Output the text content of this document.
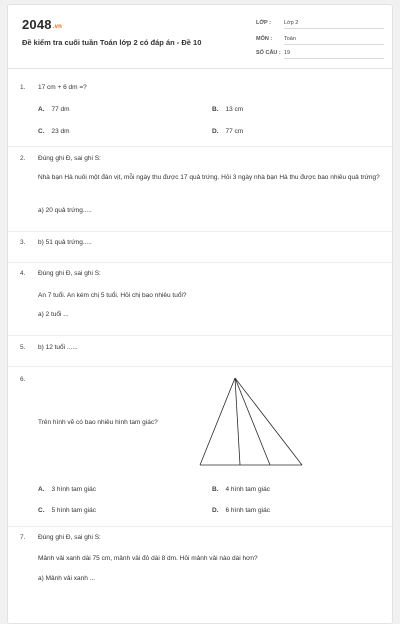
2048.vn
Đề kiểm tra cuối tuần Toán lớp 2 có đáp án - Đề 10
LỚP : Lớp 2
MÔN : Toán
SỐ CÂU : 19
1. 17 cm + 6 dm =?
A. 77 dm	B. 13 cm
C. 23 dm	D. 77 cm
2. Đúng ghi Đ, sai ghi S:
Nhà bạn Hà nuôi một đàn vịt, mỗi ngày thu được 17 quả trứng. Hỏi 3 ngày nhà bạn Hà thu được bao nhiêu quả trứng?
a) 20 quả trứng.....
3. b) 51 quả trứng.....
4. Đúng ghi Đ, sai ghi S:
An 7 tuổi. An kém chị 5 tuổi. Hỏi chị bao nhiêu tuổi?
a) 2 tuổi ...
5. b) 12 tuổi ......
6.
Trên hình vẽ có bao nhiêu hình tam giác?
A. 3 hình tam giác	B. 4 hình tam giác
C. 5 hình tam giác	D. 6 hình tam giác
7. Đúng ghi Đ, sai ghi S:
Mảnh vải xanh dài 75 cm, mảnh vải đỏ dài 8 dm. Hỏi mảnh vải nào dài hơn?
a) Mảnh vải xanh ...
